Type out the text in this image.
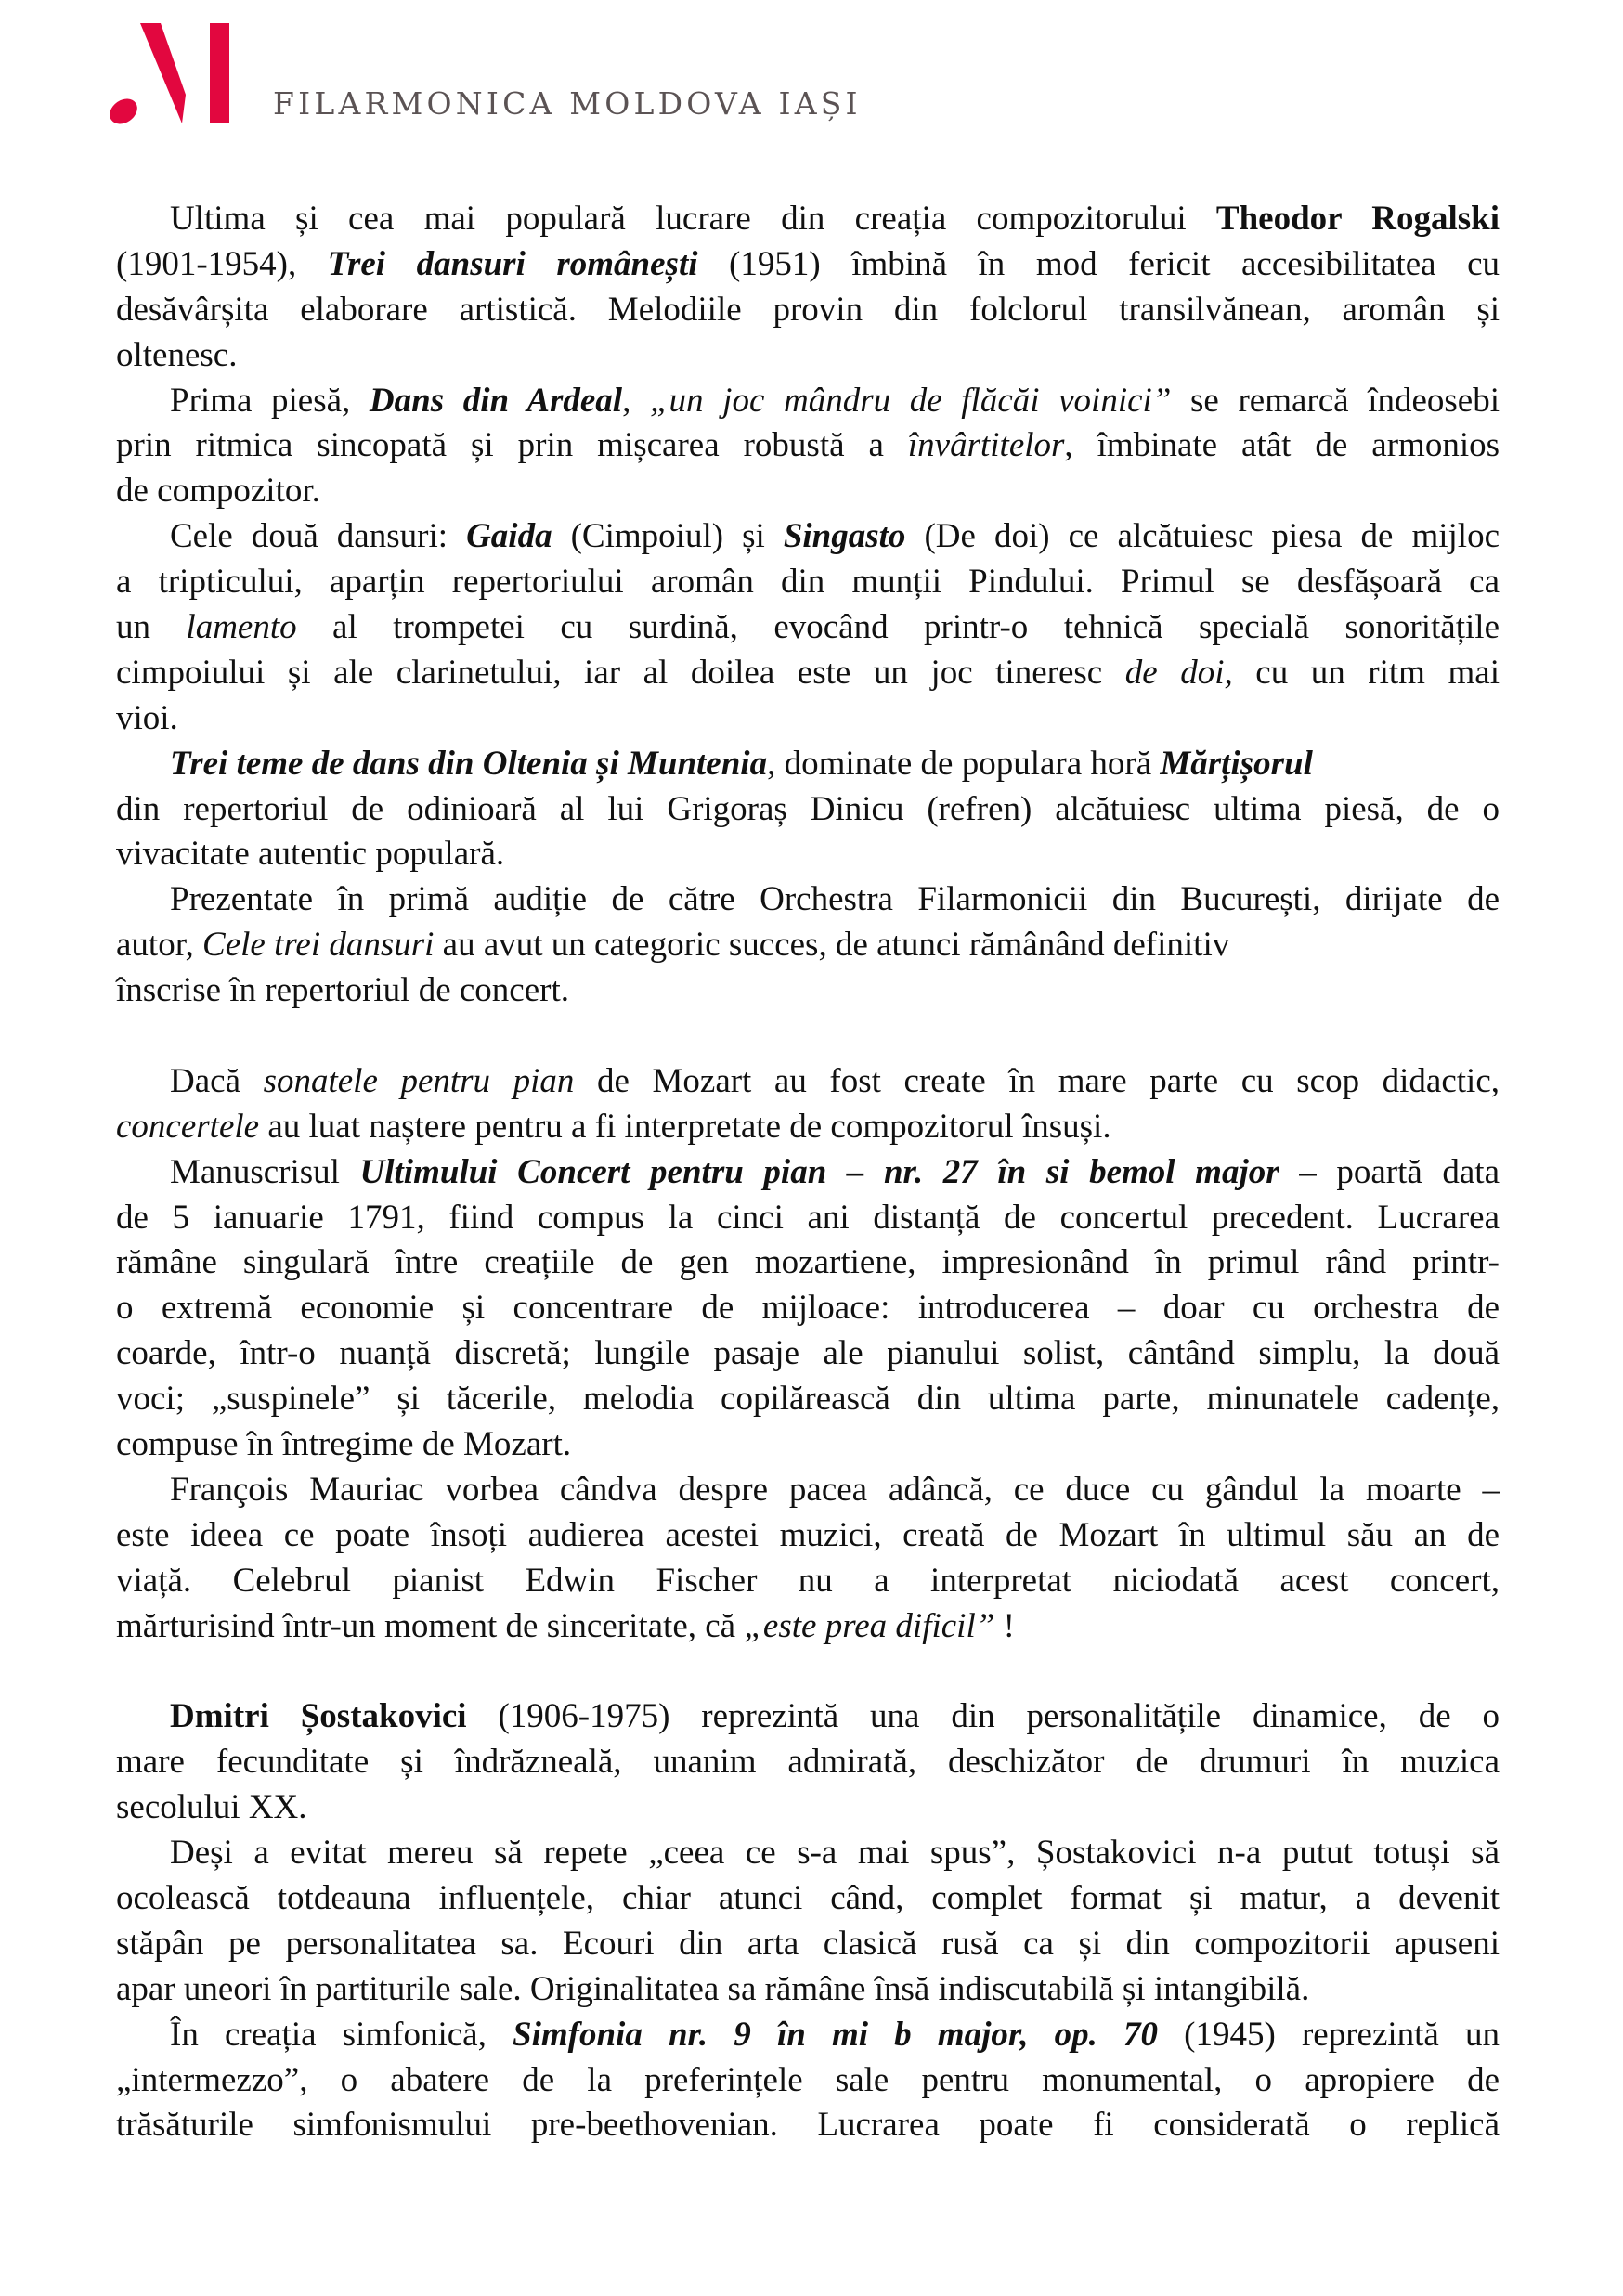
FILARMONICA MOLDOVA IAȘI
Ultima și cea mai populară lucrare din creația compozitorului Theodor Rogalski
(1901-1954), Trei dansuri românești (1951) îmbină în mod fericit accesibilitatea cu
desăvârșita elaborare artistică. Melodiile provin din folclorul transilvănean, aromân și
oltenesc.
Prima piesă, Dans din Ardeal, „un joc mândru de flăcăi voinici” se remarcă îndeosebi
prin ritmica sincopată și prin mișcarea robustă a învârtitelor, îmbinate atât de armonios
de compozitor.
Cele două dansuri: Gaida (Cimpoiul) și Singasto (De doi) ce alcătuiesc piesa de mijloc
a tripticului, aparțin repertoriului aromân din munții Pindului. Primul se desfășoară ca
un lamento al trompetei cu surdină, evocând printr-o tehnică specială sonoritățile
cimpoiului și ale clarinetului, iar al doilea este un joc tineresc de doi, cu un ritm mai
vioi.
Trei teme de dans din Oltenia și Muntenia, dominate de populara horă Mărțișorul
din repertoriul de odinioară al lui Grigoraș Dinicu (refren) alcătuiesc ultima piesă, de o
vivacitate autentic populară.
Prezentate în primă audiție de către Orchestra Filarmonicii din București, dirijate de
autor, Cele trei dansuri au avut un categoric succes, de atunci rămânând definitiv
înscrise în repertoriul de concert.
Dacă sonatele pentru pian de Mozart au fost create în mare parte cu scop didactic,
concertele au luat naștere pentru a fi interpretate de compozitorul însuși.
Manuscrisul Ultimului Concert pentru pian – nr. 27 în si bemol major – poartă data
de 5 ianuarie 1791, fiind compus la cinci ani distanță de concertul precedent. Lucrarea
rămâne singulară între creațiile de gen mozartiene, impresionând în primul rând printr-
o extremă economie și concentrare de mijloace: introducerea – doar cu orchestra de
coarde, într-o nuanță discretă; lungile pasaje ale pianului solist, cântând simplu, la două
voci; „suspinele” și tăcerile, melodia copilărească din ultima parte, minunatele cadențe,
compuse în întregime de Mozart.
François Mauriac vorbea cândva despre pacea adâncă, ce duce cu gândul la moarte –
este ideea ce poate însoți audierea acestei muzici, creată de Mozart în ultimul său an de
viață. Celebrul pianist Edwin Fischer nu a interpretat niciodată acest concert,
mărturisind într-un moment de sinceritate, că „este prea dificil” !
Dmitri Șostakovici (1906-1975) reprezintă una din personalitățile dinamice, de o
mare fecunditate și îndrăzneală, unanim admirată, deschizător de drumuri în muzica
secolului XX.
Deși a evitat mereu să repete „ceea ce s-a mai spus”, Șostakovici n-a putut totuși să
ocolească totdeauna influențele, chiar atunci când, complet format și matur, a devenit
stăpân pe personalitatea sa. Ecouri din arta clasică rusă ca și din compozitorii apuseni
apar uneori în partiturile sale. Originalitatea sa rămâne însă indiscutabilă și intangibilă.
În creația simfonică, Simfonia nr. 9 în mi b major, op. 70 (1945) reprezintă un
„intermezzo”, o abatere de la preferințele sale pentru monumental, o apropiere de
trăsăturile simfonismului pre-beethovenian. Lucrarea poate fi considerată o replică
